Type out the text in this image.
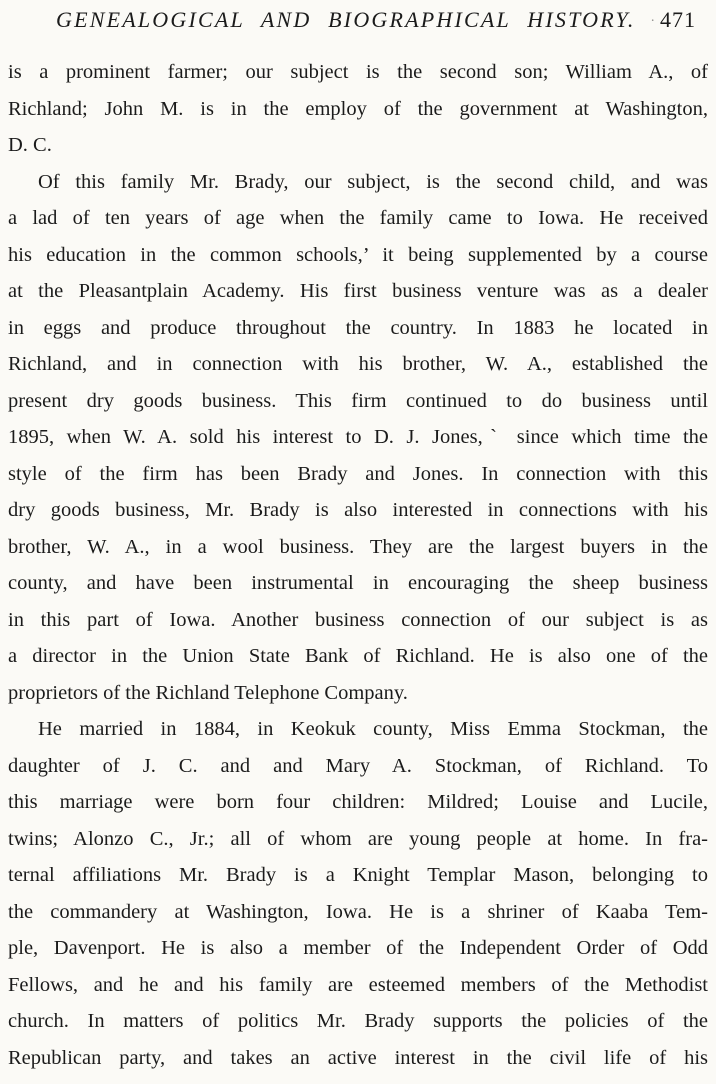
GENEALOGICAL AND BIOGRAPHICAL HISTORY. · 471
is a prominent farmer; our subject is the second son; William A., of
Richland; John M. is in the employ of the government at Washington,
D. C.
Of this family Mr. Brady, our subject, is the second child, and was
a lad of ten years of age when the family came to Iowa. He received
his education in the common schools,’ it being supplemented by a course
at the Pleasantplain Academy. His first business venture was as a dealer
in eggs and produce throughout the country. In 1883 he located in
Richland, and in connection with his brother, W. A., established the
present dry goods business. This firm continued to do business until
1895, when W. A. sold his interest to D. J. Jones,ˋ since which time the
style of the firm has been Brady and Jones. In connection with this
dry goods business, Mr. Brady is also interested in connections with his
brother, W. A., in a wool business. They are the largest buyers in the
county, and have been instrumental in encouraging the sheep business
in this part of Iowa. Another business connection of our subject is as
a director in the Union State Bank of Richland. He is also one of the
proprietors of the Richland Telephone Company.
He married in 1884, in Keokuk county, Miss Emma Stockman, the
daughter of J. C. and and Mary A. Stockman, of Richland. To
this marriage were born four children: Mildred; Louise and Lucile,
twins; Alonzo C., Jr.; all of whom are young people at home. In fra-
ternal affiliations Mr. Brady is a Knight Templar Mason, belonging to
the commandery at Washington, Iowa. He is a shriner of Kaaba Tem-
ple, Davenport. He is also a member of the Independent Order of Odd
Fellows, and he and his family are esteemed members of the Methodist
church. In matters of politics Mr. Brady supports the policies of the
Republican party, and takes an active interest in the civil life of his
